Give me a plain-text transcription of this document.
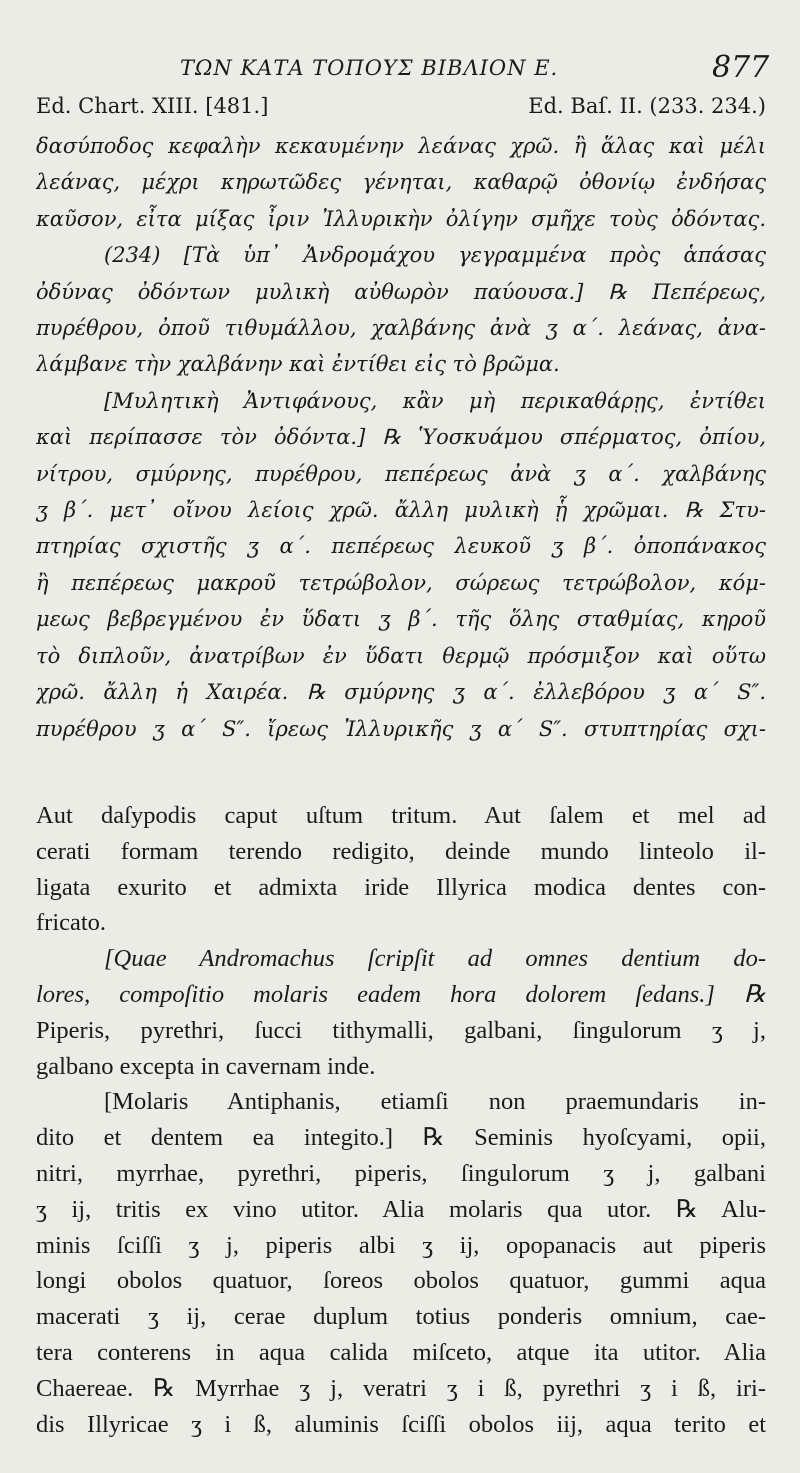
ΤΩΝ ΚΑΤΑ ΤΟΠΟΥΣ ΒΙΒΛΙΟΝ Ε.	877
Ed. Chart. XIII. [481.]	Ed. Baſ. II. (233. 234.)
δασύποδος κεφαλὴν κεκαυμένην λεάνας χρῶ. ἢ ἅλας καὶ μέλι
λεάνας, μέχρι κηρωτῶδες γένηται, καθαρῷ ὀθονίῳ ἐνδήσας
καῦσον, εἶτα μίξας ἶριν Ἰλλυρικὴν ὀλίγην σμῆχε τοὺς ὀδόντας.
(234) [Τὰ ὑπ᾽ Ἀνδρομάχου γεγραμμένα πρὸς ἁπάσας
ὀδύνας ὀδόντων μυλικὴ αὐθωρὸν παύουσα.] ℞ Πεπέρεως,
πυρέθρου, ὀποῦ τιθυμάλλου, χαλβάνης ἀνὰ ʒ α΄. λεάνας, ἀνα-
λάμβανε τὴν χαλβάνην καὶ ἐντίθει εἰς τὸ βρῶμα.
[Μυλητικὴ Ἀντιφάνους, κἂν μὴ περικαθάρῃς, ἐντίθει
καὶ περίπασσε τὸν ὀδόντα.] ℞ Ὑοσκυάμου σπέρματος, ὀπίου,
νίτρου, σμύρνης, πυρέθρου, πεπέρεως ἀνὰ ʒ α΄. χαλβάνης
ʒ β΄. μετ᾽ οἴνου λείοις χρῶ. ἄλλη μυλικὴ ᾗ χρῶμαι. ℞ Στυ-
πτηρίας σχιστῆς ʒ α΄. πεπέρεως λευκοῦ ʒ β΄. ὀποπάνακος
ἢ πεπέρεως μακροῦ τετρώβολον, σώρεως τετρώβολον, κόμ-
μεως βεβρεγμένου ἐν ὕδατι ʒ β΄. τῆς ὅλης σταθμίας, κηροῦ
τὸ διπλοῦν, ἀνατρίβων ἐν ὕδατι θερμῷ πρόσμιξον καὶ οὕτω
χρῶ. ἄλλη ἡ Χαιρέα. ℞ σμύρνης ʒ α΄. ἐλλεβόρου ʒ α΄ S″.
πυρέθρου ʒ α΄ S″. ἴρεως Ἰλλυρικῆς ʒ α΄ S″. στυπτηρίας σχι-
Aut daſypodis caput uſtum tritum. Aut ſalem et mel ad
cerati formam terendo redigito, deinde mundo linteolo il-
ligata exurito et admixta iride Illyrica modica dentes con-
fricato.
[Quae Andromachus ſcripſit ad omnes dentium do-
lores, compoſitio molaris eadem hora dolorem ſedans.] ℞
Piperis, pyrethri, ſucci tithymalli, galbani, ſingulorum ʒ j,
galbano excepta in cavernam inde.
[Molaris Antiphanis, etiamſi non praemundaris in-
dito et dentem ea integito.] ℞ Seminis hyoſcyami, opii,
nitri, myrrhae, pyrethri, piperis, ſingulorum ʒ j, galbani
ʒ ij, tritis ex vino utitor. Alia molaris qua utor. ℞ Alu-
minis ſciſſi ʒ j, piperis albi ʒ ij, opopanacis aut piperis
longi obolos quatuor, ſoreos obolos quatuor, gummi aqua
macerati ʒ ij, cerae duplum totius ponderis omnium, cae-
tera conterens in aqua calida miſceto, atque ita utitor. Alia
Chaereae. ℞ Myrrhae ʒ j, veratri ʒ i ß, pyrethri ʒ i ß, iri-
dis Illyricae ʒ i ß, aluminis ſciſſi obolos iij, aqua terito et
